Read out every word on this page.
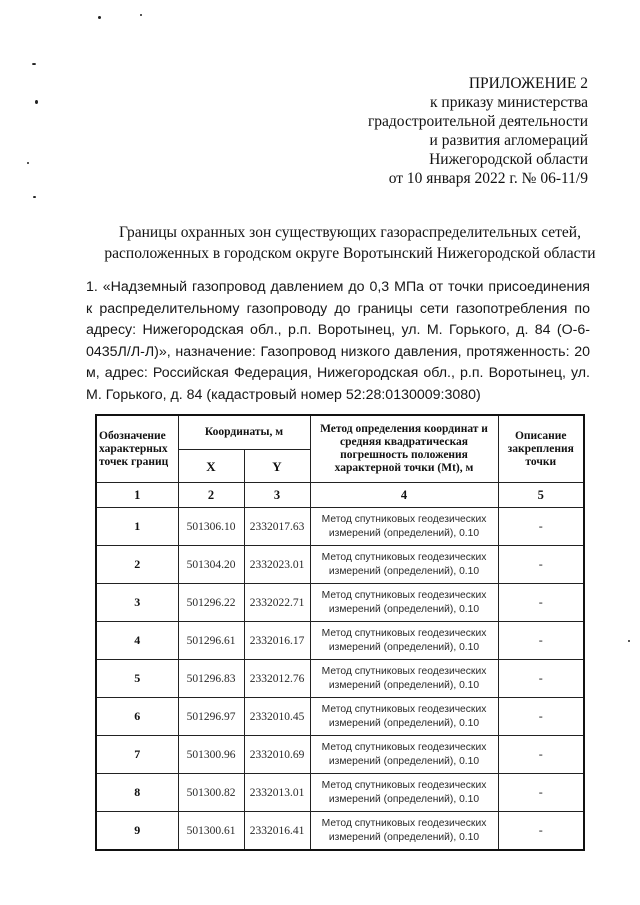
ПРИЛОЖЕНИЕ 2
к приказу министерства
градостроительной деятельности
и развития агломераций
Нижегородской области
от 10 января 2022 г. № 06-11/9
Границы охранных зон существующих газораспределительных сетей,
расположенных в городском округе Воротынский Нижегородской области
1. «Надземный газопровод давлением до 0,3 МПа от точки присоединения к распределительному газопроводу до границы сети газопотребления по адресу: Нижегородская обл., р.п. Воротынец, ул. М. Горького, д. 84 (О-6-0435Л/Л-Л)», назначение: Газопровод низкого давления, протяженность: 20 м, адрес: Российская Федерация, Нижегородская обл., р.п. Воротынец, ул. М. Горького, д. 84 (кадастровый номер 52:28:0130009:3080)
Обозначение характерных точек границ	Координаты, м		Метод определения координат и средняя квадратическая погрешность положения характерной точки (Mt), м	Описание закрепления точки
	X	Y		
1	2	3	4	5
1	501306.10	2332017.63	Метод спутниковых геодезических измерений (определений), 0.10	-
2	501304.20	2332023.01	Метод спутниковых геодезических измерений (определений), 0.10	-
3	501296.22	2332022.71	Метод спутниковых геодезических измерений (определений), 0.10	-
4	501296.61	2332016.17	Метод спутниковых геодезических измерений (определений), 0.10	-
5	501296.83	2332012.76	Метод спутниковых геодезических измерений (определений), 0.10	-
6	501296.97	2332010.45	Метод спутниковых геодезических измерений (определений), 0.10	-
7	501300.96	2332010.69	Метод спутниковых геодезических измерений (определений), 0.10	-
8	501300.82	2332013.01	Метод спутниковых геодезических измерений (определений), 0.10	-
9	501300.61	2332016.41	Метод спутниковых геодезических измерений (определений), 0.10	-
